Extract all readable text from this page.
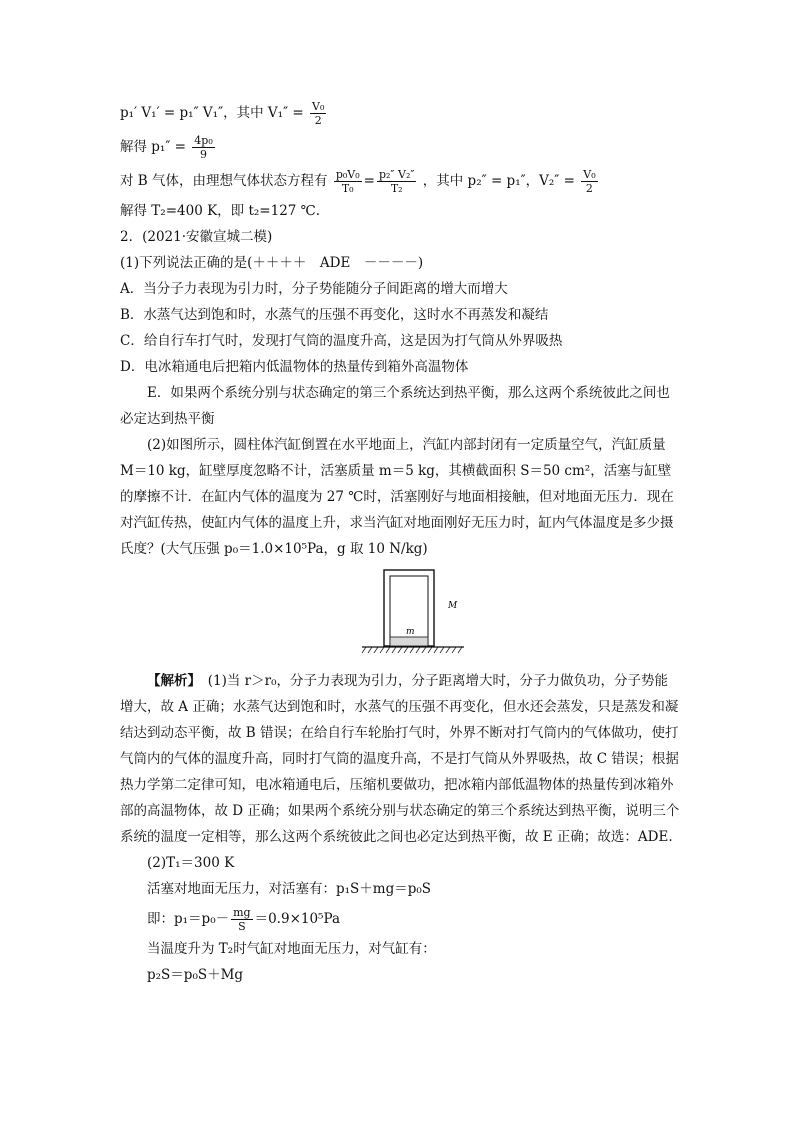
p₁′ V₁′ = p₁″ V₁″，其中 $V_1'' = \frac{\text{V₀}}{2}$
解得 $p_1'' = \frac{\text{4p₀}}{9}$
对 B 气体，由理想气体状态方程有 $\frac{\text{p₀V₀}}{\text{T₀}} = \frac{\text{p₂″ V₂″}}{\text{T₂}}$ ，其中 p₂″ = p₁″，$V_2'' = \frac{\text{V₀}}{2}$
解得 T₂=400 K，即 t₂=127 ℃.
2．(2021·安徽宣城二模)
(1)下列说法正确的是(＋＋＋＋　ADE　－－－－)
A．当分子力表现为引力时，分子势能随分子间距离的增大而增大
B．水蒸气达到饱和时，水蒸气的压强不再变化，这时水不再蒸发和凝结
C．给自行车打气时，发现打气筒的温度升高，这是因为打气筒从外界吸热
D．电冰箱通电后把箱内低温物体的热量传到箱外高温物体
E．如果两个系统分别与状态确定的第三个系统达到热平衡，那么这两个系统彼此之间也必定达到热平衡
(2)如图所示，圆柱体汽缸倒置在水平地面上，汽缸内部封闭有一定质量空气，汽缸质量 M＝10 kg，缸壁厚度忽略不计，活塞质量 m＝5 kg，其横截面积 S＝50 cm²，活塞与缸壁的摩擦不计．在缸内气体的温度为 27 ℃时，活塞刚好与地面相接触，但对地面无压力．现在对汽缸传热，使缸内气体的温度上升，求当汽缸对地面刚好无压力时，缸内气体温度是多少摄氏度？(大气压强 p₀＝1.0×10⁵Pa，g 取 10 N/kg)
m
M
【解析】　(1)当 r＞r₀，分子力表现为引力，分子距离增大时，分子力做负功，分子势能增大，故 A 正确；水蒸气达到饱和时，水蒸气的压强不再变化，但水还会蒸发，只是蒸发和凝结达到动态平衡，故 B 错误；在给自行车轮胎打气时，外界不断对打气筒内的气体做功，使打气筒内的气体的温度升高，同时打气筒的温度升高，不是打气筒从外界吸热，故 C 错误；根据热力学第二定律可知，电冰箱通电后，压缩机要做功，把冰箱内部低温物体的热量传到冰箱外部的高温物体，故 D 正确；如果两个系统分别与状态确定的第三个系统达到热平衡，说明三个系统的温度一定相等，那么这两个系统彼此之间也必定达到热平衡，故 E 正确；故选：ADE.
(2)T₁＝300 K
活塞对地面无压力，对活塞有：p₁S＋mg＝p₀S
即：$p_1=p_0- \frac{mg}{S} =0.9\times 10^5Pa$
当温度升为 T₂时气缸对地面无压力，对气缸有：
p₂S＝p₀S＋Mg
